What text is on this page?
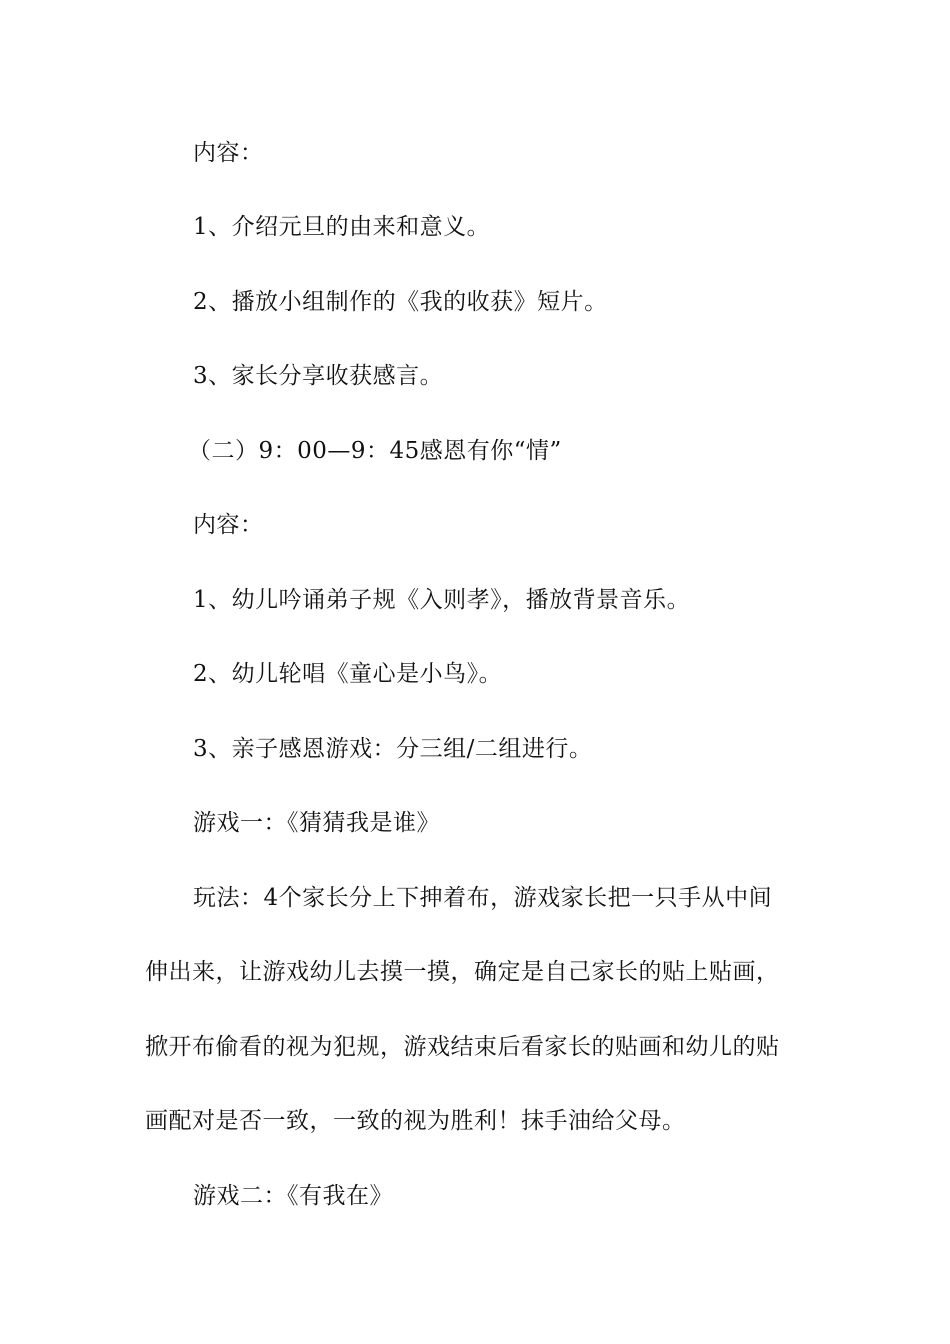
内容：
1、介绍元旦的由来和意义。
2、播放小组制作的《我的收获》短片。
3、家长分享收获感言。
（二）9：00—9：45感恩有你“情”
内容：
1、幼儿吟诵弟子规《入则孝》，播放背景音乐。
2、幼儿轮唱《童心是小鸟》。
3、亲子感恩游戏：分三组/二组进行。
游戏一：《猜猜我是谁》
玩法：4个家长分上下抻着布，游戏家长把一只手从中间
伸出来，让游戏幼儿去摸一摸，确定是自己家长的贴上贴画，
掀开布偷看的视为犯规，游戏结束后看家长的贴画和幼儿的贴
画配对是否一致，一致的视为胜利！抹手油给父母。
游戏二：《有我在》
